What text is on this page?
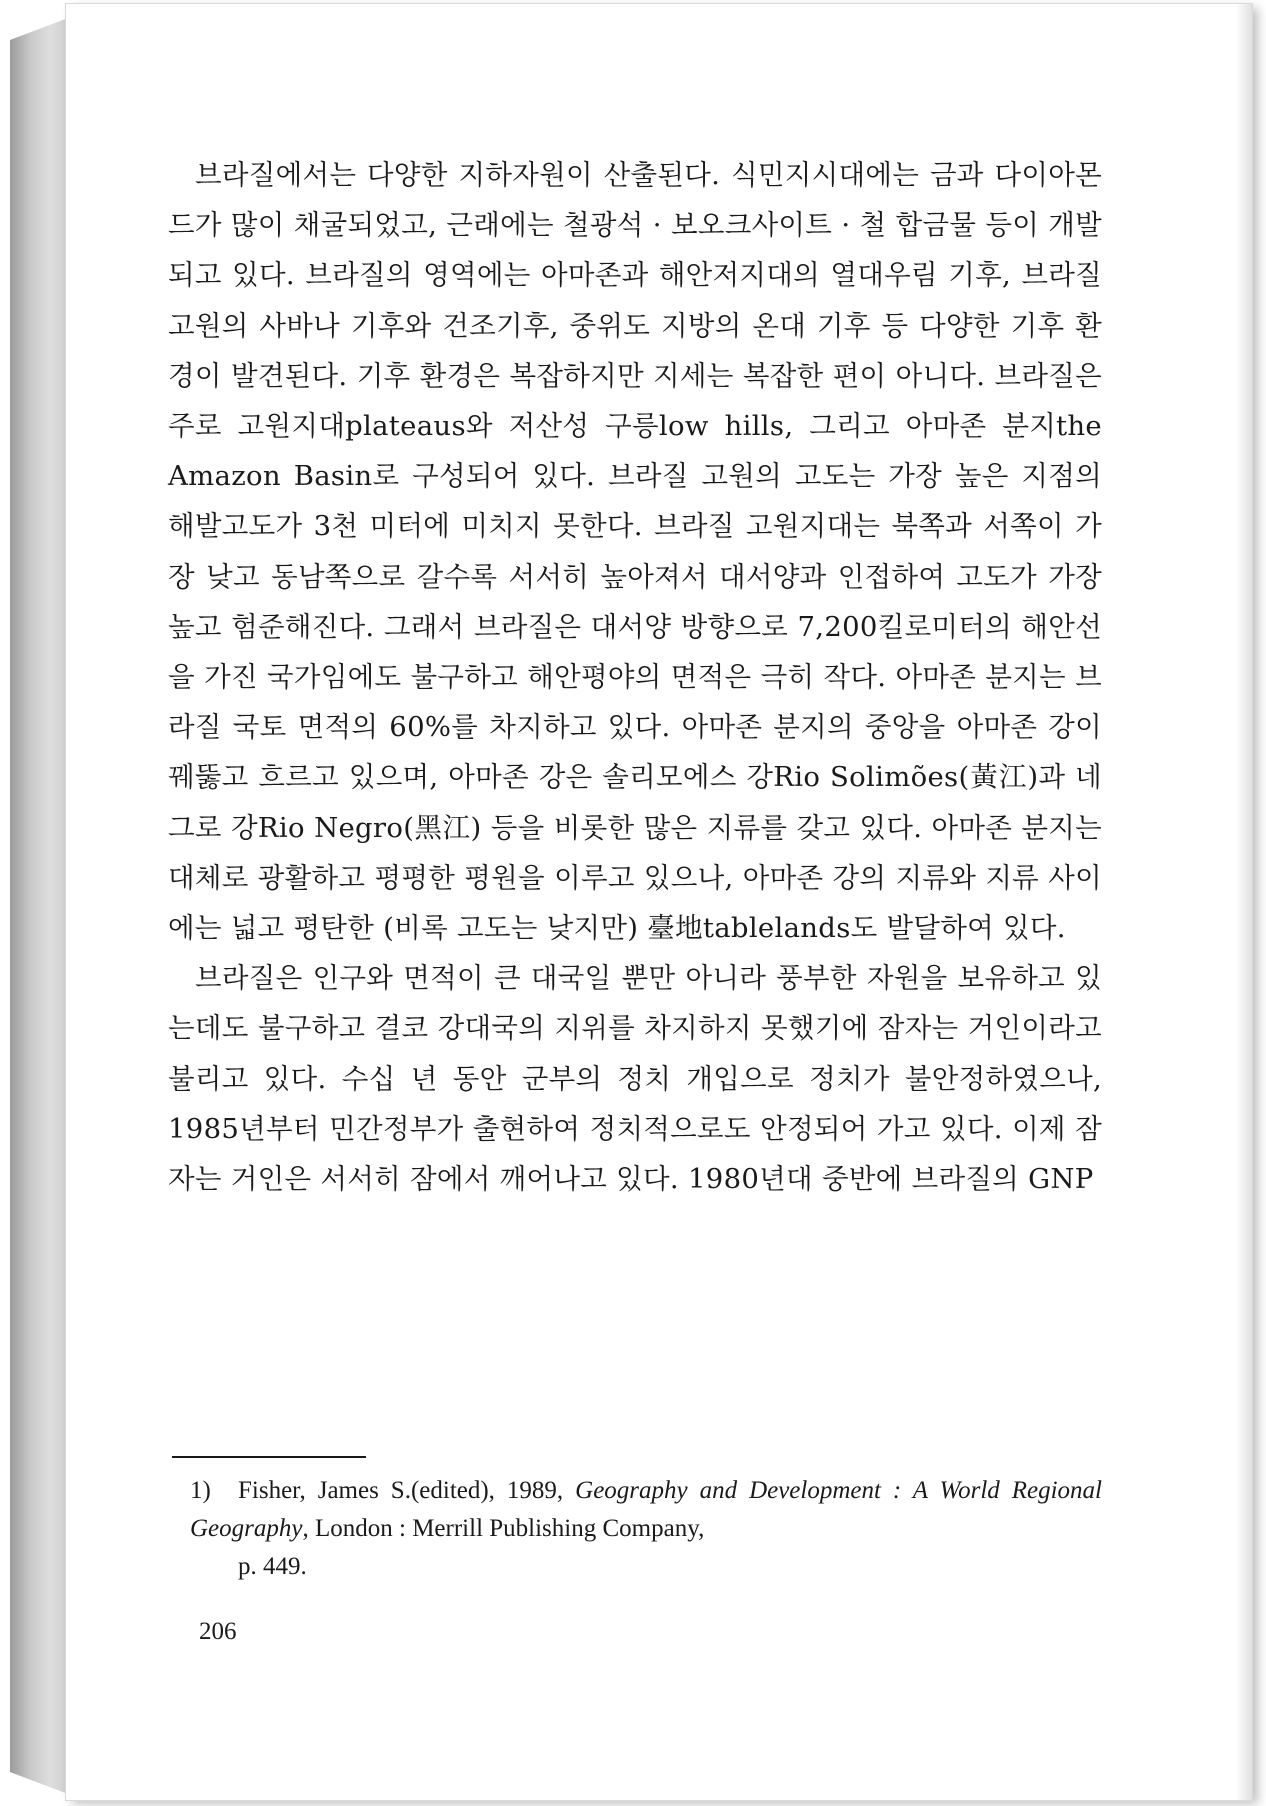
브라질에서는 다양한 지하자원이 산출된다. 식민지시대에는 금과 다이아몬드가 많이 채굴되었고, 근래에는 철광석 · 보오크사이트 · 철 합금물 등이 개발되고 있다. 브라질의 영역에는 아마존과 해안저지대의 열대우림 기후, 브라질 고원의 사바나 기후와 건조기후, 중위도 지방의 온대 기후 등 다양한 기후 환경이 발견된다. 기후 환경은 복잡하지만 지세는 복잡한 편이 아니다. 브라질은 주로 고원지대plateaus와 저산성 구릉low hills, 그리고 아마존 분지the Amazon Basin로 구성되어 있다. 브라질 고원의 고도는 가장 높은 지점의 해발고도가 3천 미터에 미치지 못한다. 브라질 고원지대는 북쪽과 서쪽이 가장 낮고 동남쪽으로 갈수록 서서히 높아져서 대서양과 인접하여 고도가 가장 높고 험준해진다. 그래서 브라질은 대서양 방향으로 7,200킬로미터의 해안선을 가진 국가임에도 불구하고 해안평야의 면적은 극히 작다. 아마존 분지는 브라질 국토 면적의 60%를 차지하고 있다. 아마존 분지의 중앙을 아마존 강이 꿰뚫고 흐르고 있으며, 아마존 강은 솔리모에스 강Rio Solimões(黃江)과 네그로 강Rio Negro(黑江) 등을 비롯한 많은 지류를 갖고 있다. 아마존 분지는 대체로 광활하고 평평한 평원을 이루고 있으나, 아마존 강의 지류와 지류 사이에는 넓고 평탄한 (비록 고도는 낮지만) 臺地tablelands도 발달하여 있다.

브라질은 인구와 면적이 큰 대국일 뿐만 아니라 풍부한 자원을 보유하고 있는데도 불구하고 결코 강대국의 지위를 차지하지 못했기에 잠자는 거인이라고 불리고 있다. 수십 년 동안 군부의 정치 개입으로 정치가 불안정하였으나, 1985년부터 민간정부가 출현하여 정치적으로도 안정되어 가고 있다. 이제 잠자는 거인은 서서히 잠에서 깨어나고 있다. 1980년대 중반에 브라질의 GNP

1) Fisher, James S.(edited), 1989, Geography and Development : A World Regional Geography, London : Merrill Publishing Company,
p. 449.
206
